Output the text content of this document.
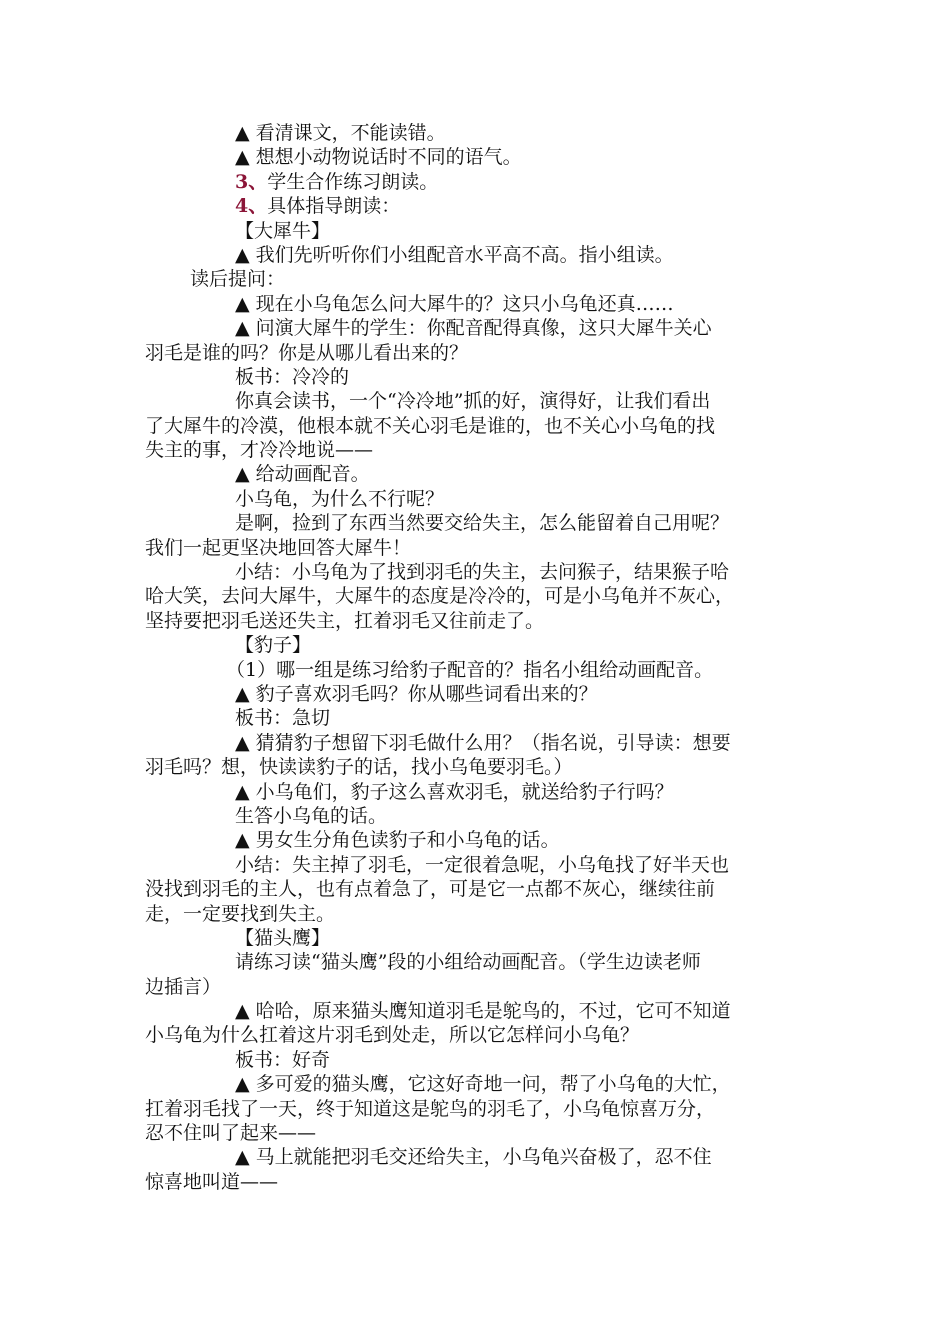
▲ 看清课文，不能读错。
▲ 想想小动物说话时不同的语气。
3、学生合作练习朗读。
4、具体指导朗读：
【大犀牛】
▲ 我们先听听你们小组配音水平高不高。指小组读。
读后提问：
▲ 现在小乌龟怎么问大犀牛的？这只小乌龟还真……
▲ 问演大犀牛的学生：你配音配得真像，这只大犀牛关心
羽毛是谁的吗？你是从哪儿看出来的？
板书：冷冷的
你真会读书，一个“冷冷地”抓的好，演得好，让我们看出
了大犀牛的冷漠，他根本就不关心羽毛是谁的，也不关心小乌龟的找
失主的事，才冷冷地说——
▲ 给动画配音。
小乌龟，为什么不行呢？
是啊，捡到了东西当然要交给失主，怎么能留着自己用呢？
我们一起更坚决地回答大犀牛！
小结：小乌龟为了找到羽毛的失主，去问猴子，结果猴子哈
哈大笑，去问大犀牛，大犀牛的态度是冷冷的，可是小乌龟并不灰心，
坚持要把羽毛送还失主，扛着羽毛又往前走了。
【豹子】
（1）哪一组是练习给豹子配音的？指名小组给动画配音。
▲ 豹子喜欢羽毛吗？你从哪些词看出来的？
板书：急切
▲ 猜猜豹子想留下羽毛做什么用？（指名说，引导读：想要
羽毛吗？想，快读读豹子的话，找小乌龟要羽毛。）
▲ 小乌龟们，豹子这么喜欢羽毛，就送给豹子行吗？
生答小乌龟的话。
▲ 男女生分角色读豹子和小乌龟的话。
小结：失主掉了羽毛，一定很着急呢，小乌龟找了好半天也
没找到羽毛的主人，也有点着急了，可是它一点都不灰心，继续往前
走，一定要找到失主。
【猫头鹰】
请练习读“猫头鹰”段的小组给动画配音。（学生边读老师
边插言）
▲ 哈哈，原来猫头鹰知道羽毛是鸵鸟的，不过，它可不知道
小乌龟为什么扛着这片羽毛到处走，所以它怎样问小乌龟？
板书：好奇
▲ 多可爱的猫头鹰，它这好奇地一问，帮了小乌龟的大忙，
扛着羽毛找了一天，终于知道这是鸵鸟的羽毛了，小乌龟惊喜万分，
忍不住叫了起来——
▲ 马上就能把羽毛交还给失主，小乌龟兴奋极了，忍不住
惊喜地叫道——
